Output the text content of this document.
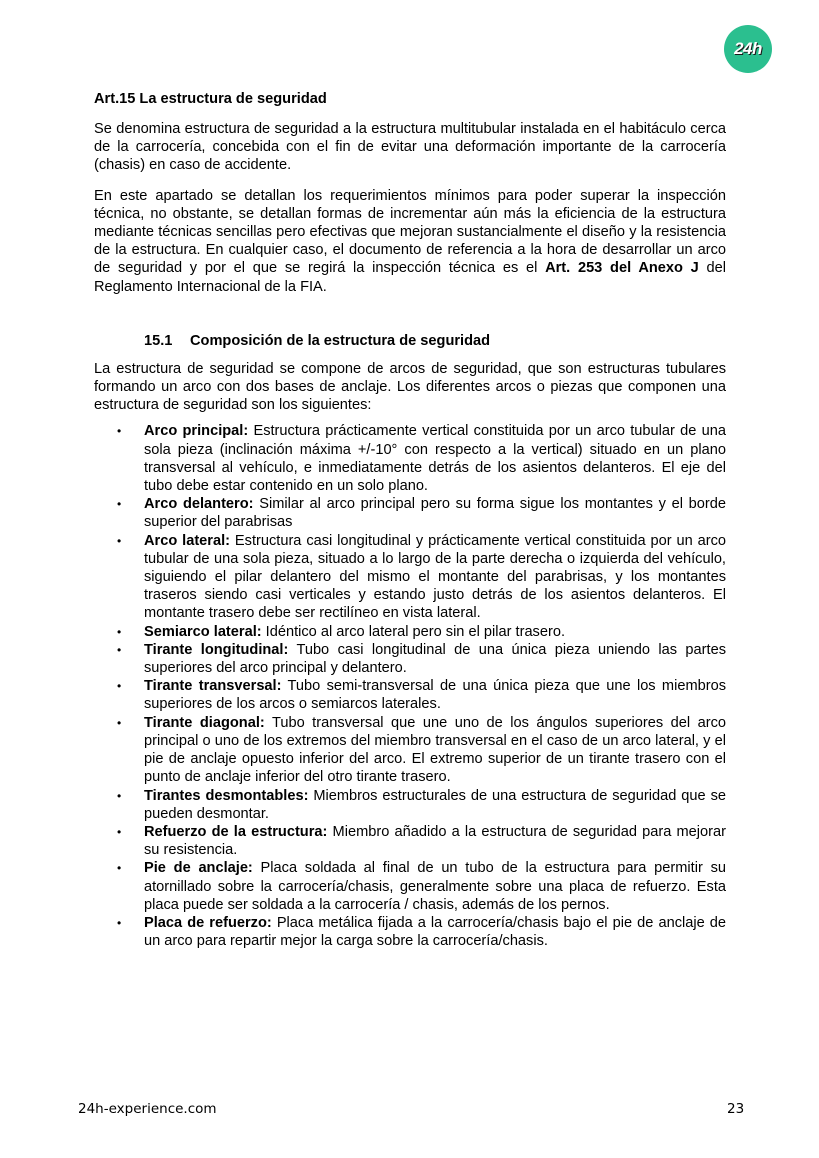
24h
Art.15 La estructura de seguridad

Se denomina estructura de seguridad a la estructura multitubular instalada en el habitáculo cerca de la carrocería, concebida con el fin de evitar una deformación importante de la carrocería (chasis) en caso de accidente.

En este apartado se detallan los requerimientos mínimos para poder superar la inspección técnica, no obstante, se detallan formas de incrementar aún más la eficiencia de la estructura mediante técnicas sencillas pero efectivas que mejoran sustancialmente el diseño y la resistencia de la estructura. En cualquier caso, el documento de referencia a la hora de desarrollar un arco de seguridad y por el que se regirá la inspección técnica es el Art. 253 del Anexo J del Reglamento Internacional de la FIA.

15.1 Composición de la estructura de seguridad

La estructura de seguridad se compone de arcos de seguridad, que son estructuras tubulares formando un arco con dos bases de anclaje. Los diferentes arcos o piezas que componen una estructura de seguridad son los siguientes:

• Arco principal: Estructura prácticamente vertical constituida por un arco tubular de una sola pieza (inclinación máxima +/-10° con respecto a la vertical) situado en un plano transversal al vehículo, e inmediatamente detrás de los asientos delanteros. El eje del tubo debe estar contenido en un solo plano.
• Arco delantero: Similar al arco principal pero su forma sigue los montantes y el borde superior del parabrisas
• Arco lateral: Estructura casi longitudinal y prácticamente vertical constituida por un arco tubular de una sola pieza, situado a lo largo de la parte derecha o izquierda del vehículo, siguiendo el pilar delantero del mismo el montante del parabrisas, y los montantes traseros siendo casi verticales y estando justo detrás de los asientos delanteros. El montante trasero debe ser rectilíneo en vista lateral.
• Semiarco lateral: Idéntico al arco lateral pero sin el pilar trasero.
• Tirante longitudinal: Tubo casi longitudinal de una única pieza uniendo las partes superiores del arco principal y delantero.
• Tirante transversal: Tubo semi-transversal de una única pieza que une los miembros superiores de los arcos o semiarcos laterales.
• Tirante diagonal: Tubo transversal que une uno de los ángulos superiores del arco principal o uno de los extremos del miembro transversal en el caso de un arco lateral, y el pie de anclaje opuesto inferior del arco. El extremo superior de un tirante trasero con el punto de anclaje inferior del otro tirante trasero.
• Tirantes desmontables: Miembros estructurales de una estructura de seguridad que se pueden desmontar.
• Refuerzo de la estructura: Miembro añadido a la estructura de seguridad para mejorar su resistencia.
• Pie de anclaje: Placa soldada al final de un tubo de la estructura para permitir su atornillado sobre la carrocería/chasis, generalmente sobre una placa de refuerzo. Esta placa puede ser soldada a la carrocería / chasis, además de los pernos.
• Placa de refuerzo: Placa metálica fijada a la carrocería/chasis bajo el pie de anclaje de un arco para repartir mejor la carga sobre la carrocería/chasis.
24h-experience.com	23
